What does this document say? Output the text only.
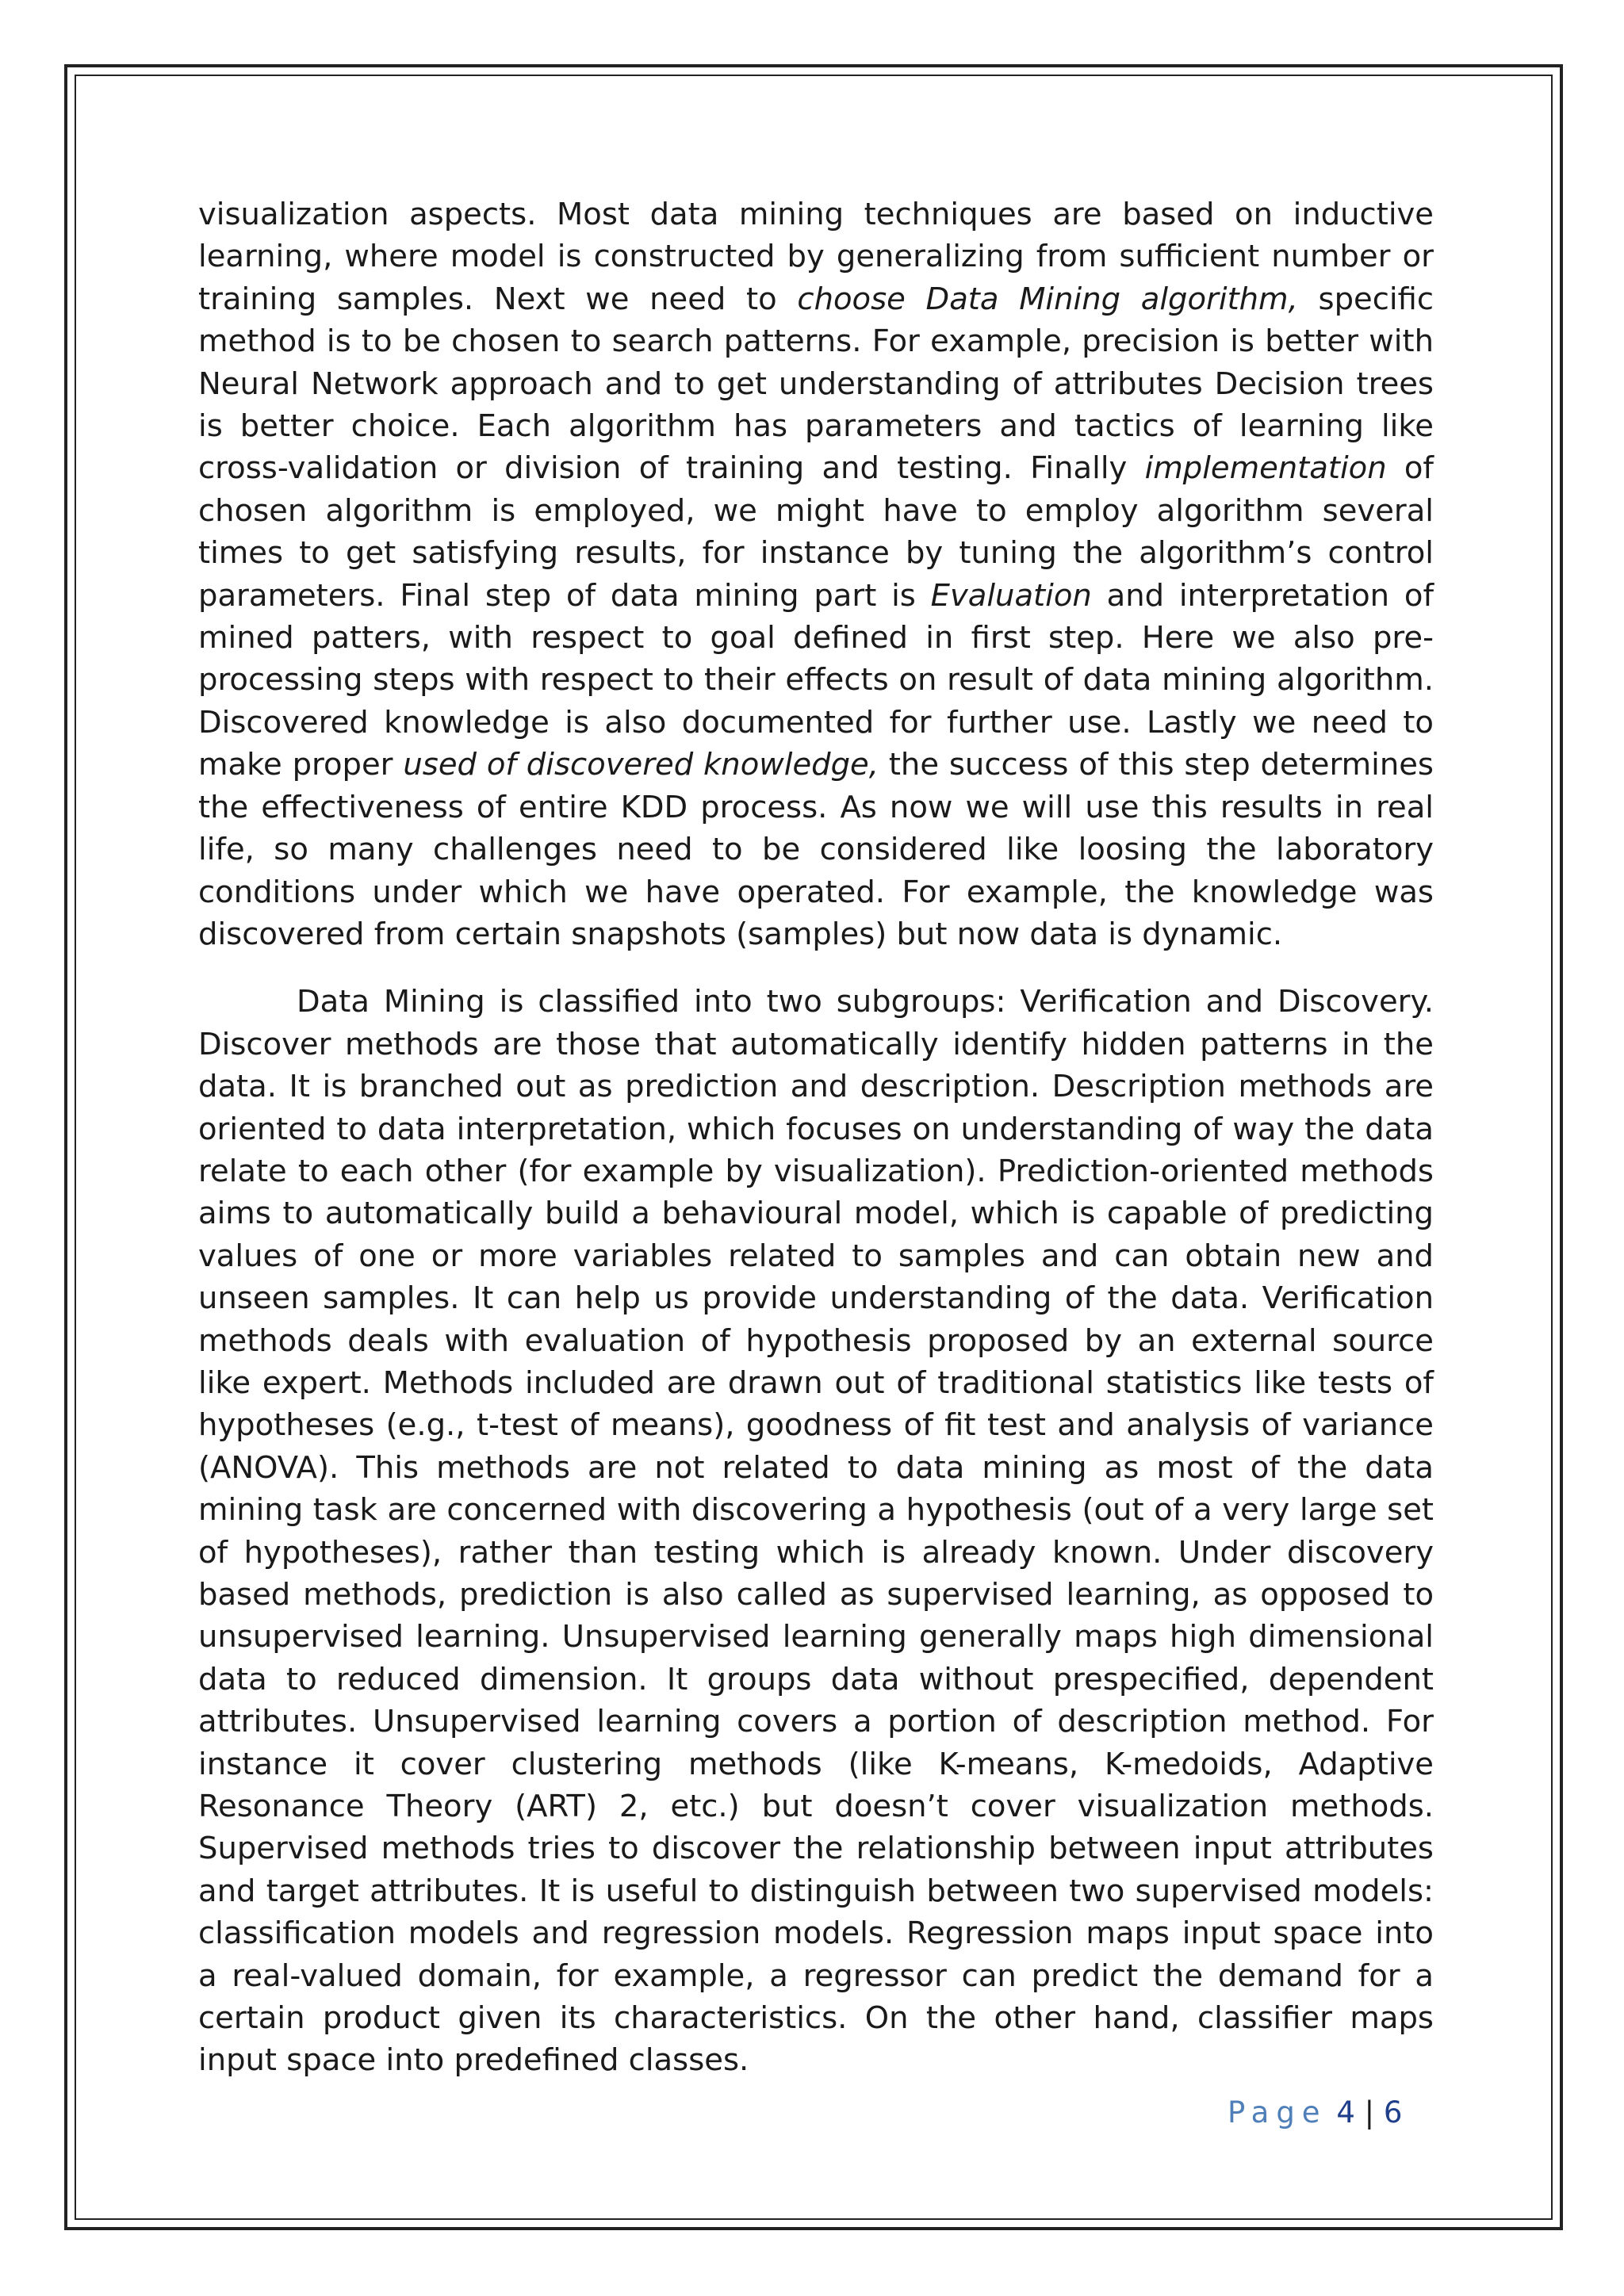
visualization aspects. Most data mining techniques are based on inductive learning, where model is constructed by generalizing from sufficient number or training samples. Next we need to choose Data Mining algorithm, specific method is to be chosen to search patterns. For example, precision is better with Neural Network approach and to get understanding of attributes Decision trees is better choice. Each algorithm has parameters and tactics of learning like cross-validation or division of training and testing. Finally implementation of chosen algorithm is employed, we might have to employ algorithm several times to get satisfying results, for instance by tuning the algorithm’s control parameters. Final step of data mining part is Evaluation and interpretation of mined patters, with respect to goal defined in first step. Here we also pre-processing steps with respect to their effects on result of data mining algorithm. Discovered knowledge is also documented for further use. Lastly we need to make proper used of discovered knowledge, the success of this step determines the effectiveness of entire KDD process. As now we will use this results in real life, so many challenges need to be considered like loosing the laboratory conditions under which we have operated. For example, the knowledge was discovered from certain snapshots (samples) but now data is dynamic.

Data Mining is classified into two subgroups: Verification and Discovery. Discover methods are those that automatically identify hidden patterns in the data. It is branched out as prediction and description. Description methods are oriented to data interpretation, which focuses on understanding of way the data relate to each other (for example by visualization). Prediction-oriented methods aims to automatically build a behavioural model, which is capable of predicting values of one or more variables related to samples and can obtain new and unseen samples. It can help us provide understanding of the data. Verification methods deals with evaluation of hypothesis proposed by an external source like expert. Methods included are drawn out of traditional statistics like tests of hypotheses (e.g., t-test of means), goodness of fit test and analysis of variance (ANOVA). This methods are not related to data mining as most of the data mining task are concerned with discovering a hypothesis (out of a very large set of hypotheses), rather than testing which is already known. Under discovery based methods, prediction is also called as supervised learning, as opposed to unsupervised learning. Unsupervised learning generally maps high dimensional data to reduced dimension. It groups data without prespecified, dependent attributes. Unsupervised learning covers a portion of description method. For instance it cover clustering methods (like K-means, K-medoids, Adaptive Resonance Theory (ART) 2, etc.) but doesn’t cover visualization methods. Supervised methods tries to discover the relationship between input attributes and target attributes. It is useful to distinguish between two supervised models: classification models and regression models. Regression maps input space into a real-valued domain, for example, a regressor can predict the demand for a certain product given its characteristics. On the other hand, classifier maps input space into predefined classes.

Page 4 | 6
